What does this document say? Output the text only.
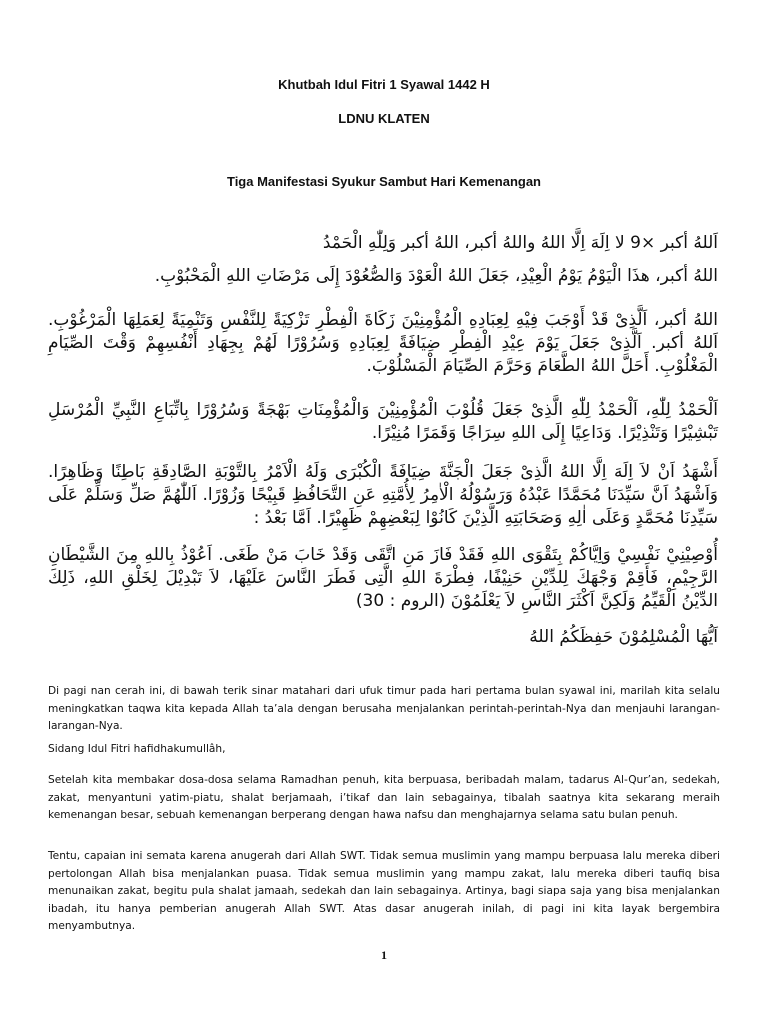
Khutbah Idul Fitri 1 Syawal 1442 H
LDNU KLATEN
Tiga Manifestasi Syukur Sambut Hari Kemenangan
اَللهُ أكبر ×9 لا اِلَهَ اِلَّا اللهُ واللهُ أكبر، اللهُ أكبر وَلِلّٰهِ الْحَمْدُ
اللهُ أكبر، هذَا الْيَوْمُ يَوْمُ الْعِيْدِ، جَعَلَ اللهُ الْعَوْدَ وَالصُّعُوْدَ إِلَى مَرْضَاتِ اللهِ الْمَحْبُوْبِ.
اللهُ أكبر، اَلَّذِىْ قَدْ أَوْجَبَ فِيْهِ لِعِبَادِهِ الْمُؤْمِنِيْنَ زَكَاةَ الْفِطْرِ تَزْكِيَةً لِلنَّفْسِ وَتَنْمِيَةً لِعَمَلِهَا الْمَرْغُوْبِ. اَللهُ أكبر. اَلَّذِىْ جَعَلَ يَوْمَ عِيْدِ الْفِطْرِ ضِيَافَةً لِعِبَادِهِ وَسُرُوْرًا لَهُمْ بِجِهَادِ أَنْفُسِهِمْ وَقْتَ الصِّيَامِ الْمَغْلُوْبِ. أَحَلَّ اللهُ الطَّعَامَ وَحَرَّمَ الصِّيَامَ الْمَسْلُوْبَ.
اَلْحَمْدُ لِلّٰهِ، اَلْحَمْدُ لِلّٰهِ الَّذِىْ جَعَلَ قُلُوْبَ الْمُؤْمِنِيْنَ وَالْمُؤْمِنَاتِ بَهْجَةً وَسُرُوْرًا بِاتِّبَاعِ النَّبِيِّ الْمُرْسَلِ تَبْشِيْرًا وَتَنْذِيْرًا. وَدَاعِيًا إِلَى اللهِ سِرَاجًا وَقَمَرًا مُنِيْرًا.
أَشْهَدُ اَنْ لاَ اِلَهَ اِلَّا اللهُ الَّذِىْ جَعَلَ الْجَنَّةَ ضِيَافَةً الْكُبْرَى وَلَهُ الْاَمْرُ بِالتَّوْبَةِ الصَّادِقَةِ بَاطِنًا وَظَاهِرًا. وَاَشْهَدُ اَنَّ سَيِّدَنَا مُحَمَّدًا عَبْدُهُ وَرَسُوْلُهُ الْاٰمِرُ لِأُمَّتِهِ عَنِ التَّحَافُظِ قَبِيْحًا وَزُوْرًا. اَللّٰهُمَّ صَلِّ وَسَلِّمْ عَلَى سَيِّدِنَا مُحَمَّدٍ وَعَلَى اٰلِهِ وَصَحَابَتِهِ الَّذِيْنَ كَانُوْا لِبَعْضِهِمْ ظَهِيْرًا. اَمَّا بَعْدُ :
أُوْصِيْنِيْ نَفْسِيْ وَاِيَّاكُمْ بِتَقْوَى اللهِ فَقَدْ فَازَ مَنِ اتَّقَى وَقَدْ خَابَ مَنْ طَغَى. اَعُوْذُ بِاللهِ مِنَ الشَّيْطَانِ الرَّجِيْمِ، فَأَقِمْ وَجْهَكَ لِلدِّيْنِ حَنِيْفًا، فِطْرَةَ اللهِ الَّتِى فَطَرَ النَّاسَ عَلَيْهَا، لاَ تَبْدِيْلَ لِخَلْقِ اللهِ، ذَلِكَ الدِّيْنُ الْقَيِّمُ وَلَكِنَّ اَكْثَرَ النَّاسِ لاَ يَعْلَمُوْنَ (الروم : 30)
اَيُّهَا الْمُسْلِمُوْنَ حَفِظَكُمُ اللهُ
Di pagi nan cerah ini, di bawah terik sinar matahari dari ufuk timur pada hari pertama bulan syawal ini, marilah kita selalu meningkatkan taqwa kita kepada Allah ta’ala dengan berusaha menjalankan perintah-perintah-Nya dan menjauhi larangan-larangan-Nya.
Sidang Idul Fitri hafidhakumullâh,
Setelah kita membakar dosa-dosa selama Ramadhan penuh, kita berpuasa, beribadah malam, tadarus Al-Qur’an, sedekah, zakat, menyantuni yatim-piatu, shalat berjamaah, i’tikaf dan lain sebagainya, tibalah saatnya kita sekarang meraih kemenangan besar, sebuah kemenangan berperang dengan hawa nafsu dan menghajarnya selama satu bulan penuh.
Tentu, capaian ini semata karena anugerah dari Allah SWT. Tidak semua muslimin yang mampu berpuasa lalu mereka diberi pertolongan Allah bisa menjalankan puasa. Tidak semua muslimin yang mampu zakat, lalu mereka diberi taufiq bisa menunaikan zakat, begitu pula shalat jamaah, sedekah dan lain sebagainya. Artinya, bagi siapa saja yang bisa menjalankan ibadah, itu hanya pemberian anugerah Allah SWT. Atas dasar anugerah inilah, di pagi ini kita layak bergembira menyambutnya.
1
